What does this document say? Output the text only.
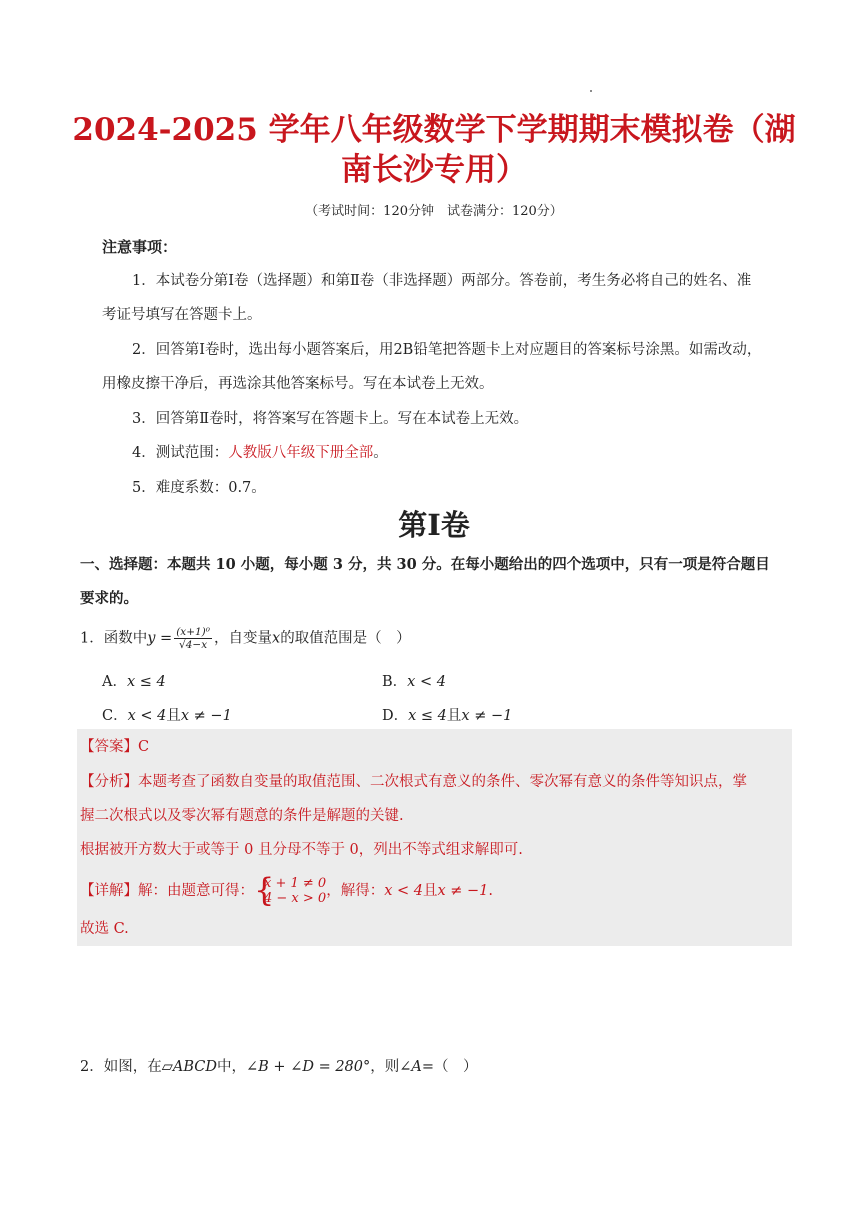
2024-2025 学年八年级数学下学期期末模拟卷（湖
南长沙专用）
（考试时间：120分钟　试卷满分：120分）
注意事项：
1．本试卷分第Ⅰ卷（选择题）和第Ⅱ卷（非选择题）两部分。答卷前，考生务必将自己的姓名、准
考证号填写在答题卡上。
2．回答第Ⅰ卷时，选出每小题答案后，用2B铅笔把答题卡上对应题目的答案标号涂黑。如需改动，
用橡皮擦干净后，再选涂其他答案标号。写在本试卷上无效。
3．回答第Ⅱ卷时，将答案写在答题卡上。写在本试卷上无效。
4．测试范围：人教版八年级下册全部。
5．难度系数：0.7。
第Ⅰ卷
一、选择题：本题共 10 小题，每小题 3 分，共 30 分。在每小题给出的四个选项中，只有一项是符合题目
要求的。
1．函数中$y = \frac{\text{(x+1)⁰}}{√4-x}$ ，自变量x的取值范围是（　）
A．x ≤ 4	B．x < 4
C．x < 4且x ≠ −1	D．x ≤ 4且x ≠ −1
【答案】C
【分析】本题考查了函数自变量的取值范围、二次根式有意义的条件、零次幂有意义的条件等知识点，掌
握二次根式以及零次幂有题意的条件是解题的关键.
根据被开方数大于或等于 0 且分母不等于 0，列出不等式组求解即可.
【详解】解：由题意可得： {
x + 1 ≠ 0
4 − x > 0 ，解得：x < 4且x ≠ −1.
故选 C.
2．如图，在▱ABCD中，∠B + ∠D = 280°，则∠A=（　）
